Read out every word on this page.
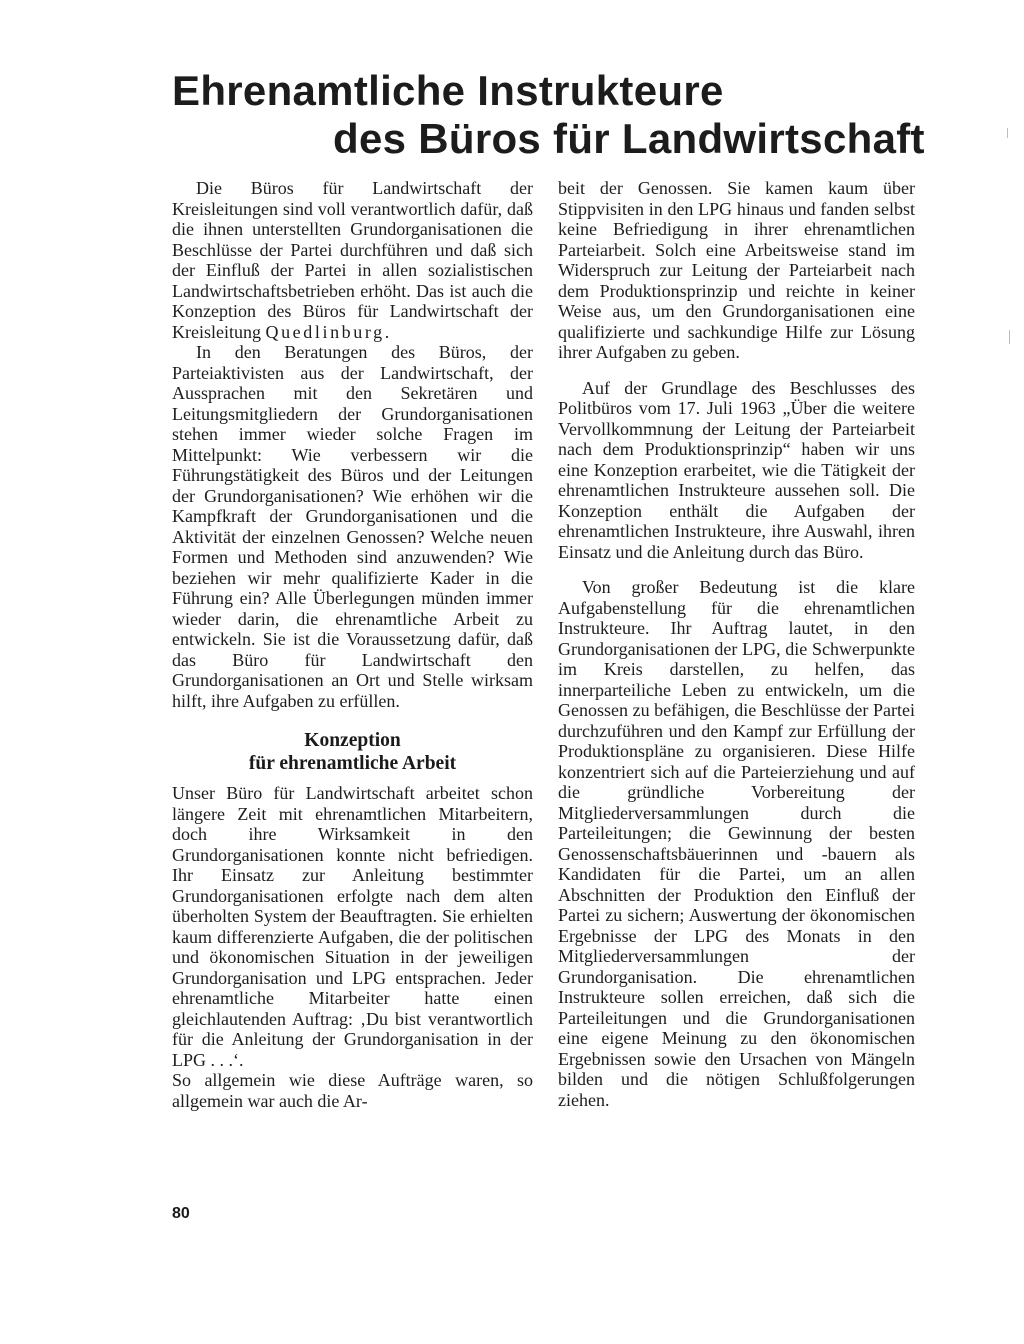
Ehrenamtliche Instrukteure
des Büros für Landwirtschaft

Die Büros für Landwirtschaft der Kreisleitungen sind voll verantwortlich dafür, daß die ihnen unterstellten Grundorganisationen die Beschlüsse der Partei durchführen und daß sich der Einfluß der Partei in allen sozialistischen Landwirtschaftsbetrieben erhöht. Das ist auch die Konzeption des Büros für Landwirtschaft der Kreisleitung Quedlinburg.

In den Beratungen des Büros, der Parteiaktivisten aus der Landwirtschaft, der Aussprachen mit den Sekretären und Leitungsmitgliedern der Grundorganisationen stehen immer wieder solche Fragen im Mittelpunkt: Wie verbessern wir die Führungstätigkeit des Büros und der Leitungen der Grundorganisationen? Wie erhöhen wir die Kampfkraft der Grundorganisationen und die Aktivität der einzelnen Genossen? Welche neuen Formen und Methoden sind anzuwenden? Wie beziehen wir mehr qualifizierte Kader in die Führung ein? Alle Überlegungen münden immer wieder darin, die ehrenamtliche Arbeit zu entwickeln. Sie ist die Voraussetzung dafür, daß das Büro für Landwirtschaft den Grundorganisationen an Ort und Stelle wirksam hilft, ihre Aufgaben zu erfüllen.

Konzeption
für ehrenamtliche Arbeit

Unser Büro für Landwirtschaft arbeitet schon längere Zeit mit ehrenamtlichen Mitarbeitern, doch ihre Wirksamkeit in den Grundorganisationen konnte nicht befriedigen. Ihr Einsatz zur Anleitung bestimmter Grundorganisationen erfolgte nach dem alten überholten System der Beauftragten. Sie erhielten kaum differenzierte Aufgaben, die der politischen und ökonomischen Situation in der jeweiligen Grundorganisation und LPG entsprachen. Jeder ehrenamtliche Mitarbeiter hatte einen gleichlautenden Auftrag: ‚Du bist verantwortlich für die Anleitung der Grundorganisation in der LPG . . .‘.

So allgemein wie diese Aufträge waren, so allgemein war auch die Ar-

beit der Genossen. Sie kamen kaum über Stippvisiten in den LPG hinaus und fanden selbst keine Befriedigung in ihrer ehrenamtlichen Parteiarbeit. Solch eine Arbeitsweise stand im Widerspruch zur Leitung der Parteiarbeit nach dem Produktionsprinzip und reichte in keiner Weise aus, um den Grundorganisationen eine qualifizierte und sachkundige Hilfe zur Lösung ihrer Aufgaben zu geben.

Auf der Grundlage des Beschlusses des Politbüros vom 17. Juli 1963 „Über die weitere Vervollkommnung der Leitung der Parteiarbeit nach dem Produktionsprinzip“ haben wir uns eine Konzeption erarbeitet, wie die Tätigkeit der ehrenamtlichen Instrukteure aussehen soll. Die Konzeption enthält die Aufgaben der ehrenamtlichen Instrukteure, ihre Auswahl, ihren Einsatz und die Anleitung durch das Büro.

Von großer Bedeutung ist die klare Aufgabenstellung für die ehrenamtlichen Instrukteure. Ihr Auftrag lautet, in den Grundorganisationen der LPG, die Schwerpunkte im Kreis darstellen, zu helfen, das innerparteiliche Leben zu entwickeln, um die Genossen zu befähigen, die Beschlüsse der Partei durchzuführen und den Kampf zur Erfüllung der Produktionspläne zu organisieren. Diese Hilfe konzentriert sich auf die Parteierziehung und auf die gründliche Vorbereitung der Mitgliederversammlungen durch die Parteileitungen; die Gewinnung der besten Genossenschaftsbäuerinnen und -bauern als Kandidaten für die Partei, um an allen Abschnitten der Produktion den Einfluß der Partei zu sichern; Auswertung der ökonomischen Ergebnisse der LPG des Monats in den Mitgliederversammlungen der Grundorganisation. Die ehrenamtlichen Instrukteure sollen erreichen, daß sich die Parteileitungen und die Grundorganisationen eine eigene Meinung zu den ökonomischen Ergebnissen sowie den Ursachen von Mängeln bilden und die nötigen Schlußfolgerungen ziehen.

80
